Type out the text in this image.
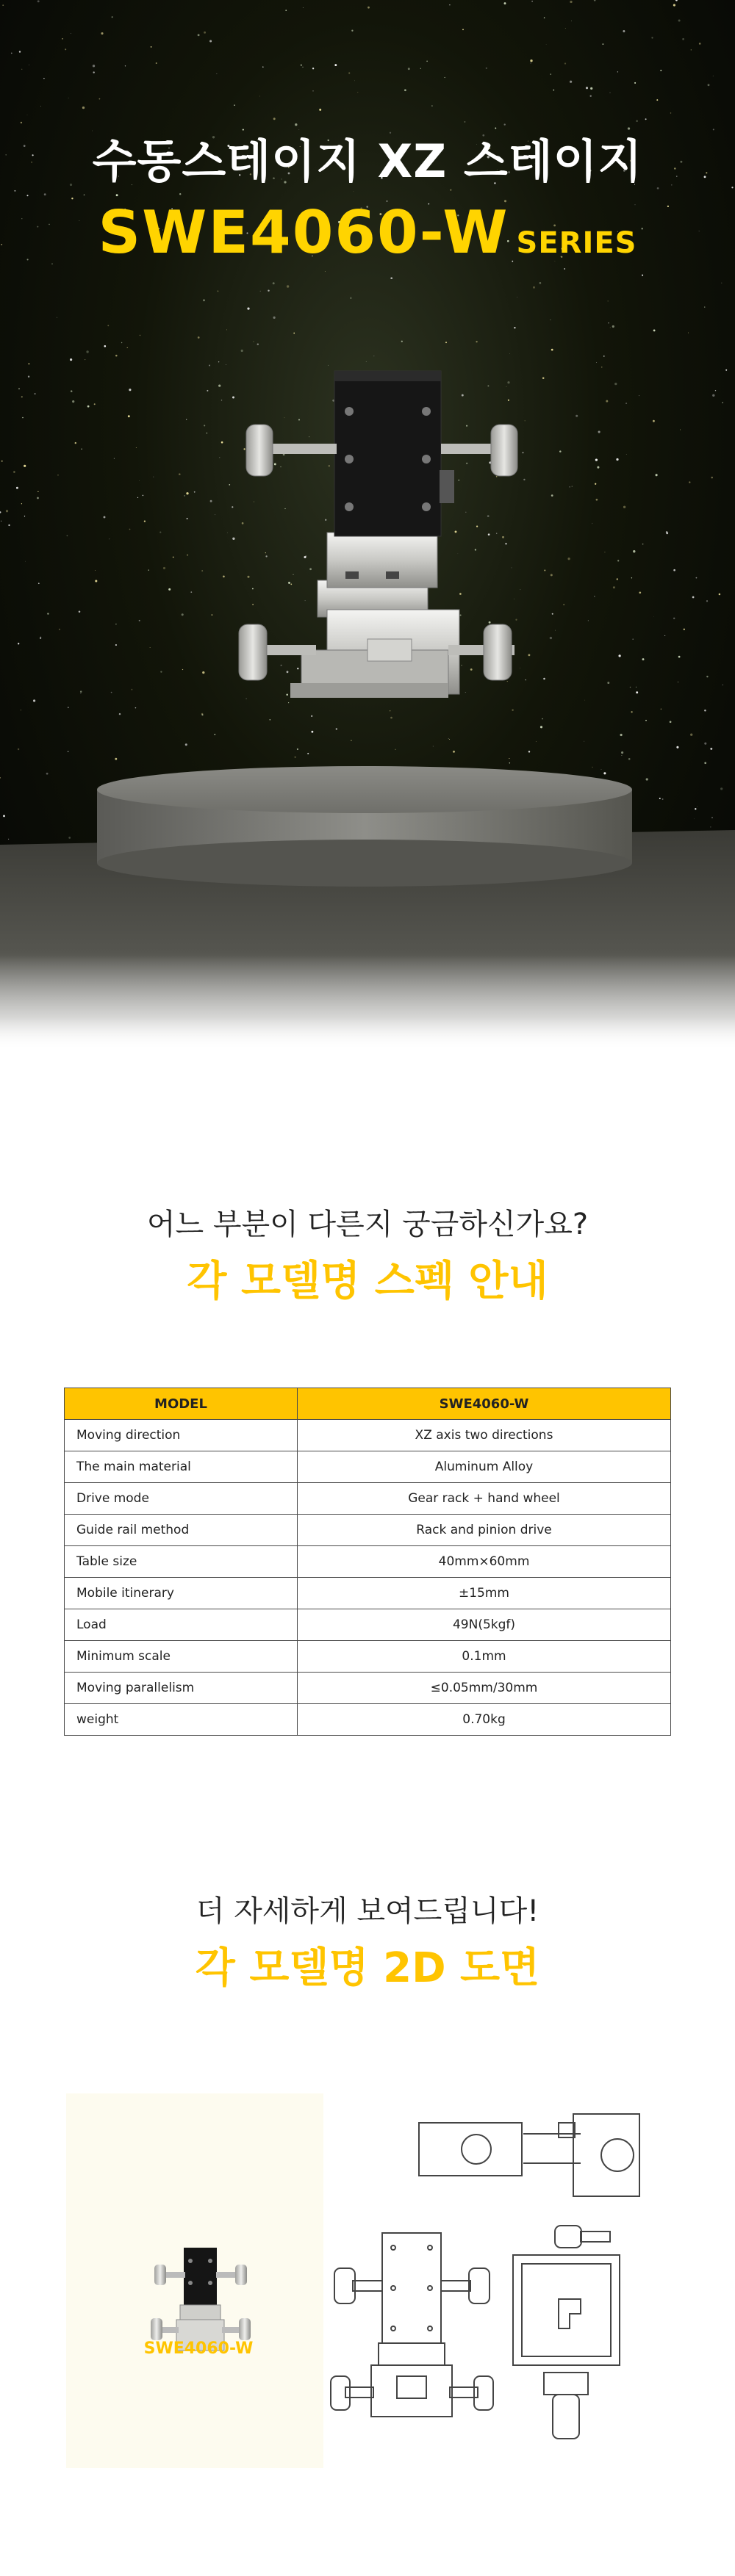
수동스테이지 XZ 스테이지
SWE4060-W SERIES
어느 부분이 다른지 궁금하신가요?
각 모델명 스펙 안내
MODEL	SWE4060-W
Moving direction	XZ axis two directions
The main material	Aluminum Alloy
Drive mode	Gear rack + hand wheel
Guide rail method	Rack and pinion drive
Table size	40mm×60mm
Mobile itinerary	±15mm
Load	49N(5kgf)
Minimum scale	0.1mm
Moving parallelism	≤0.05mm/30mm
weight	0.70kg
더 자세하게 보여드립니다!
각 모델명 2D 도면
SWE4060-W
